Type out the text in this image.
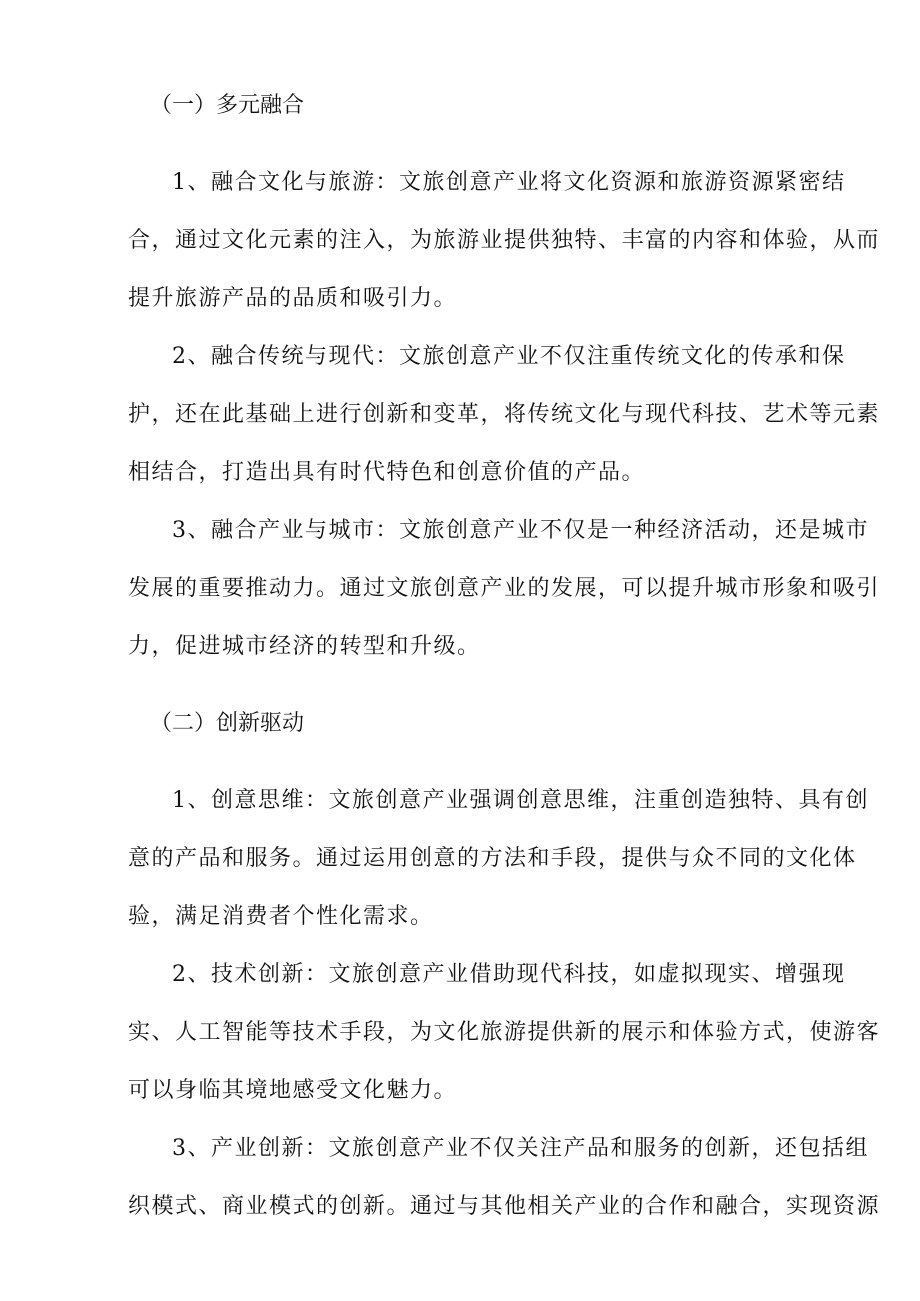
（一）多元融合

1、融合文化与旅游：文旅创意产业将文化资源和旅游资源紧密结
合，通过文化元素的注入，为旅游业提供独特、丰富的内容和体验，从而
提升旅游产品的品质和吸引力。
2、融合传统与现代：文旅创意产业不仅注重传统文化的传承和保
护，还在此基础上进行创新和变革，将传统文化与现代科技、艺术等元素
相结合，打造出具有时代特色和创意价值的产品。
3、融合产业与城市：文旅创意产业不仅是一种经济活动，还是城市
发展的重要推动力。通过文旅创意产业的发展，可以提升城市形象和吸引
力，促进城市经济的转型和升级。

（二）创新驱动

1、创意思维：文旅创意产业强调创意思维，注重创造独特、具有创
意的产品和服务。通过运用创意的方法和手段，提供与众不同的文化体
验，满足消费者个性化需求。
2、技术创新：文旅创意产业借助现代科技，如虚拟现实、增强现
实、人工智能等技术手段，为文化旅游提供新的展示和体验方式，使游客
可以身临其境地感受文化魅力。
3、产业创新：文旅创意产业不仅关注产品和服务的创新，还包括组
织模式、商业模式的创新。通过与其他相关产业的合作和融合，实现资源
